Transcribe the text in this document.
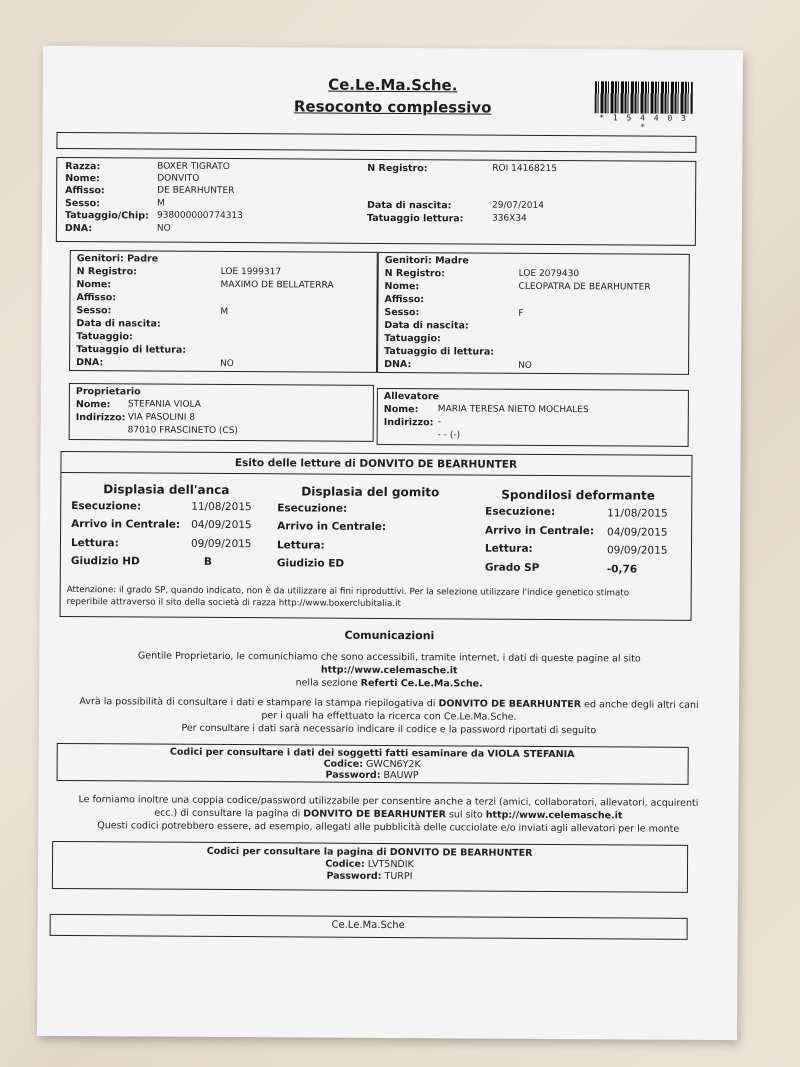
Ce.Le.Ma.Sche.
Resoconto complessivo
* 1 5 4 4 0 3 *
Razza:	BOXER TIGRATO
Nome:	DONVITO
Affisso:	DE BEARHUNTER
Sesso:	M
Tatuaggio/Chip: 938000000774313
DNA:	NO
N Registro:	ROI 14168215
Data di nascita:	29/07/2014
Tatuaggio lettura:	336X34
Genitori: Padre
N Registro:	LOE 1999317
Nome:	MAXIMO DE BELLATERRA
Affisso:
Sesso:	M
Data di nascita:
Tatuaggio:
Tatuaggio di lettura:
DNA:	NO
Genitori: Madre
N Registro:	LOE 2079430
Nome:	CLEOPATRA DE BEARHUNTER
Affisso:
Sesso:	F
Data di nascita:
Tatuaggio:
Tatuaggio di lettura:
DNA:	NO
Proprietario
Nome: STEFANIA VIOLA
Indirizzo: VIA PASOLINI 8
87010 FRASCINETO (CS)
Allevatore
Nome: MARIA TERESA NIETO MOCHALES
Indirizzo: -
- - (-)
Esito delle letture di DONVITO DE BEARHUNTER
Displasia dell'anca
Esecuzione:	11/08/2015
Arrivo in Centrale: 04/09/2015
Lettura:	09/09/2015
Giudizio HD	B
Displasia del gomito
Esecuzione:
Arrivo in Centrale:
Lettura:
Giudizio ED
Spondilosi deformante
Esecuzione:	11/08/2015
Arrivo in Centrale: 04/09/2015
Lettura:	09/09/2015
Grado SP	-0,76
Attenzione: il grado SP, quando indicato, non è da utilizzare ai fini riproduttivi. Per la selezione utilizzare l'indice genetico stimato
reperibile attraverso il sito della società di razza http://www.boxerclubitalia.it
Comunicazioni
Gentile Proprietario, le comunichiamo che sono accessibili, tramite internet, i dati di queste pagine al sito
http://www.celemasche.it
nella sezione Referti Ce.Le.Ma.Sche.
Avrà la possibilità di consultare i dati e stampare la stampa riepilogativa di DONVITO DE BEARHUNTER ed anche degli altri cani
per i quali ha effettuato la ricerca con Ce.Le.Ma.Sche.
Per consultare i dati sarà necessario indicare il codice e la password riportati di seguito
Codici per consultare i dati dei soggetti fatti esaminare da VIOLA STEFANIA
Codice: GWCN6Y2K
Password: BAUWP
Le forniamo inoltre una coppia codice/password utilizzabile per consentire anche a terzi (amici, collaboratori, allevatori, acquirenti
ecc.) di consultare la pagina di DONVITO DE BEARHUNTER sul sito http://www.celemasche.it
Questi codici potrebbero essere, ad esempio, allegati alle pubblicità delle cucciolate e/o inviati agli allevatori per le monte
Codici per consultare la pagina di DONVITO DE BEARHUNTER
Codice: LVT5NDIK
Password: TURPI
Ce.Le.Ma.Sche
